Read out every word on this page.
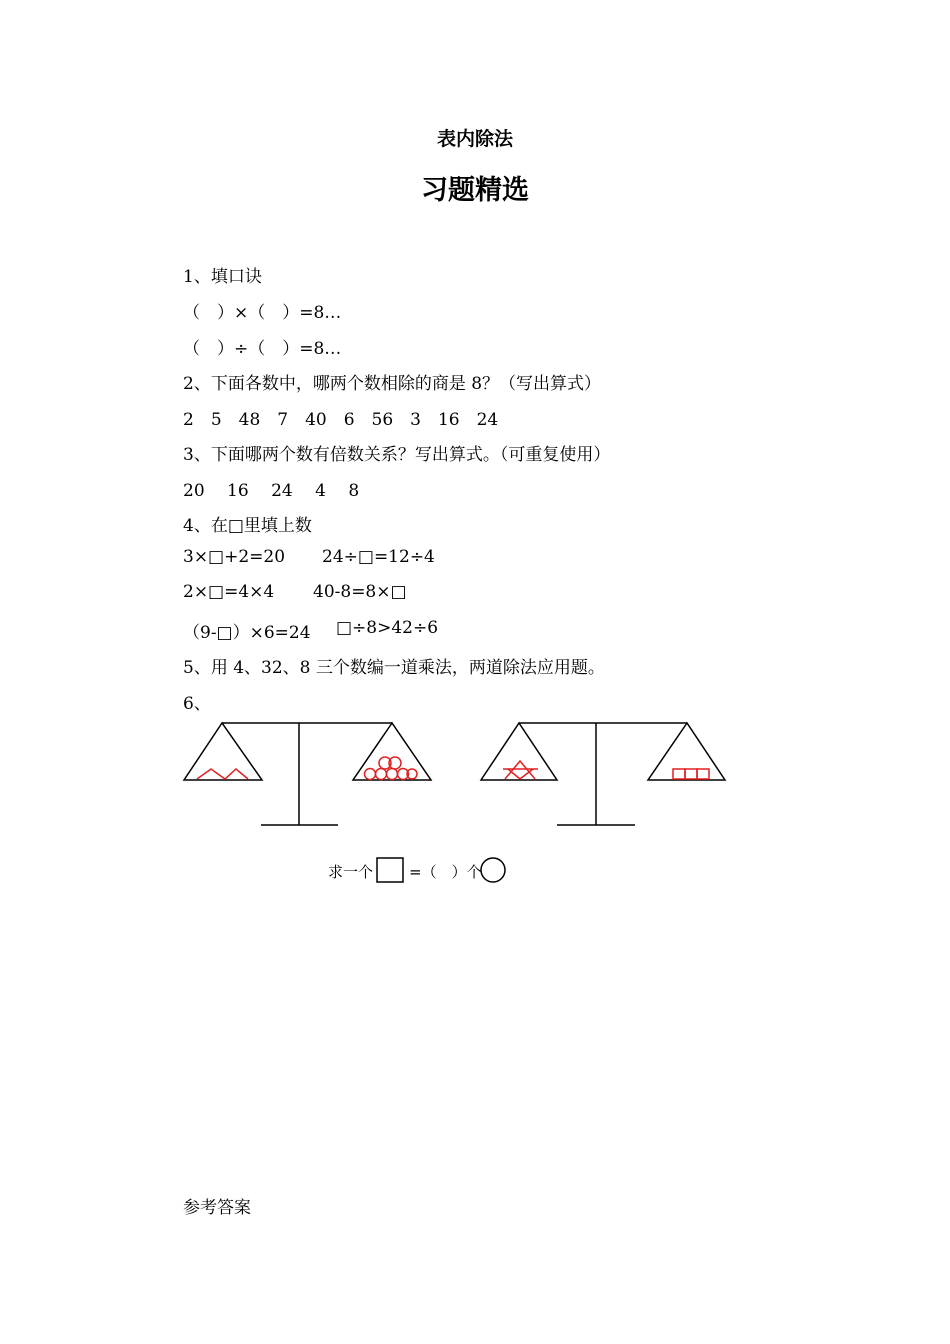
表内除法
习题精选
1、填口诀
（　）×（　）=8…
（　）÷（　）=8…
2、下面各数中，哪两个数相除的商是 8？（写出算式）
2　5　48　7　40　6　56　3　16　24
3、下面哪两个数有倍数关系？写出算式。（可重复使用）
20　 16　 24　 4　 8
4、在□里填上数
3×□+2=20 24÷□=12÷4
2×□=4×4 40-8=8×□
（9-□）×6=24 □÷8>42÷6
5、用 4、32、8 三个数编一道乘法，两道除法应用题。
6、
求一个 =（　）个
参考答案
